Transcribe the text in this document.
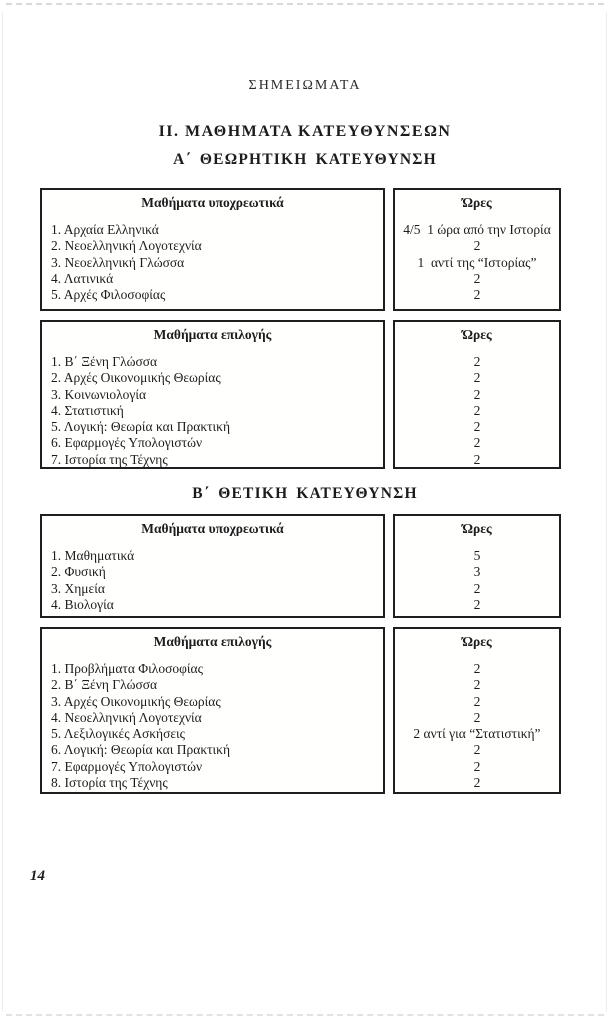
ΣΗΜΕΙΩΜΑΤΑ
ΙΙ. ΜΑΘΗΜΑΤΑ ΚΑΤΕΥΘΥΝΣΕΩΝ
Α΄ ΘΕΩΡΗΤΙΚΗ ΚΑΤΕΥΘΥΝΣΗ
Μαθήματα υποχρεωτικά
1. Αρχαία Ελληνικά
2. Νεοελληνική Λογοτεχνία
3. Νεοελληνική Γλώσσα
4. Λατινικά
5. Αρχές Φιλοσοφίας
Ώρες
4/5  1 ώρα από την Ιστορία
2
1  αντί της “Ιστορίας”
2
2
Μαθήματα επιλογής
1. Β΄ Ξένη Γλώσσα
2. Αρχές Οικονομικής Θεωρίας
3. Κοινωνιολογία
4. Στατιστική
5. Λογική: Θεωρία και Πρακτική
6. Εφαρμογές Υπολογιστών
7. Ιστορία της Τέχνης
Ώρες
2
2
2
2
2
2
2
Β΄ ΘΕΤΙΚΗ ΚΑΤΕΥΘΥΝΣΗ
Μαθήματα υποχρεωτικά
1. Μαθηματικά
2. Φυσική
3. Χημεία
4. Βιολογία
Ώρες
5
3
2
2
Μαθήματα επιλογής
1. Προβλήματα Φιλοσοφίας
2. Β΄ Ξένη Γλώσσα
3. Αρχές Οικονομικής Θεωρίας
4. Νεοελληνική Λογοτεχνία
5. Λεξιλογικές Ασκήσεις
6. Λογική: Θεωρία και Πρακτική
7. Εφαρμογές Υπολογιστών
8. Ιστορία της Τέχνης
Ώρες
2
2
2
2
2 αντί για “Στατιστική”
2
2
2
14
